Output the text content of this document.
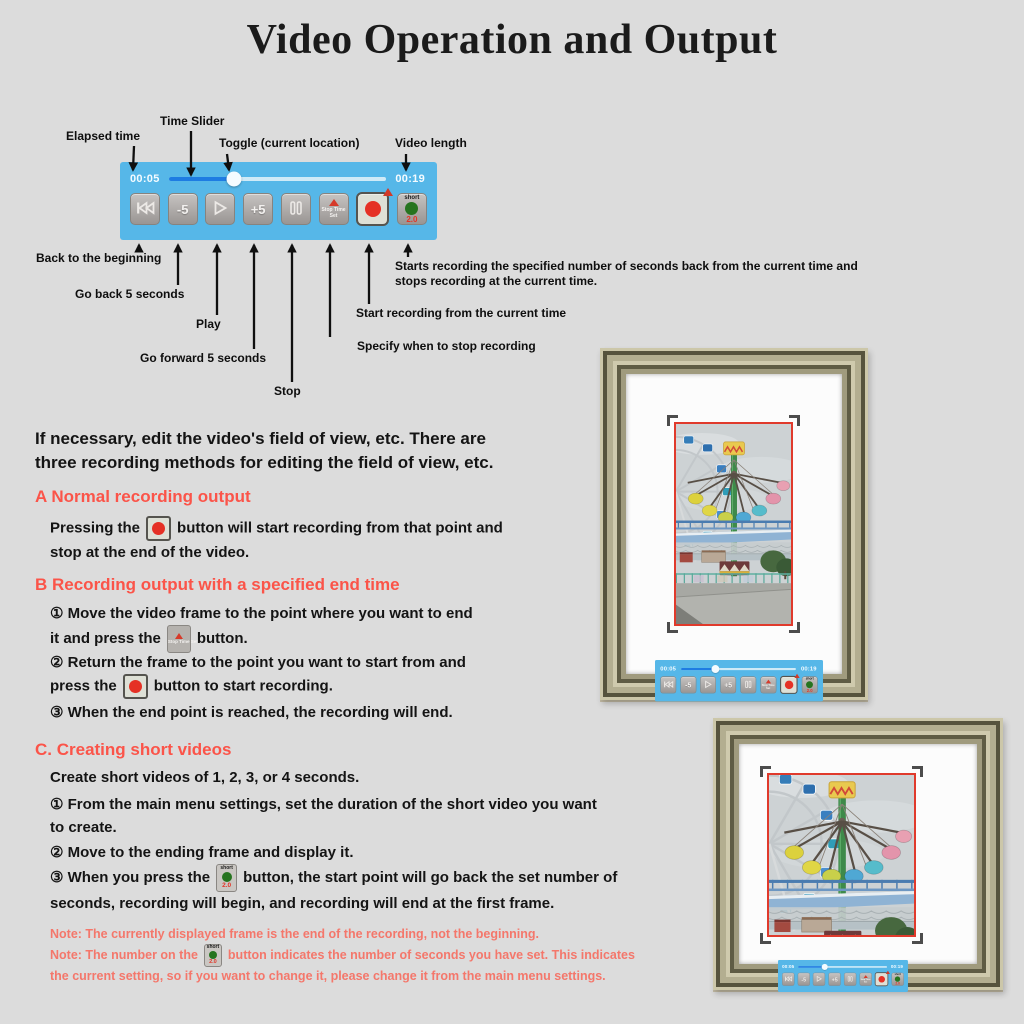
Video Operation and Output
Elapsed time
Time Slider
Toggle (current location)	Video length
Back to the beginning
Go back 5 seconds
Play
Go forward 5 seconds
Stop
Specify when to stop recording
Start recording from the current time
Starts recording the specified number of seconds back from the current time and stops recording at the current time.
00:05	00:19
-5	+5	Stop Time Set
short
2.0
If necessary, edit the video's field of view, etc. There are
three recording methods for editing the field of view, etc.
A Normal recording output
Pressing the button will start recording from that point and
stop at the end of the video.
B Recording output with a specified end time
① Move the video frame to the point where you want to end
it and press the Stop Time Set button.
② Return the frame to the point you want to start from and
press the button to start recording.
③ When the end point is reached, the recording will end.
C. Creating short videos
Create short videos of 1, 2, 3, or 4 seconds.
① From the main menu settings, set the duration of the short video you want
to create.
② Move to the ending frame and display it.
③ When you press the
short
2.0 button, the start point will go back the set number of
seconds, recording will begin, and recording will end at the first frame.
Note: The currently displayed frame is the end of the recording, not the beginning.
Note: The number on the
short
2.0
button indicates the number of seconds you have set. This indicates
the current setting, so if you want to change it, please change it from the main menu settings.
00:05	00:19
-5	+5	Stop Time Set
short
2.0
00:05	00:19
-5 +5	Stop Time Set
short
2.0
